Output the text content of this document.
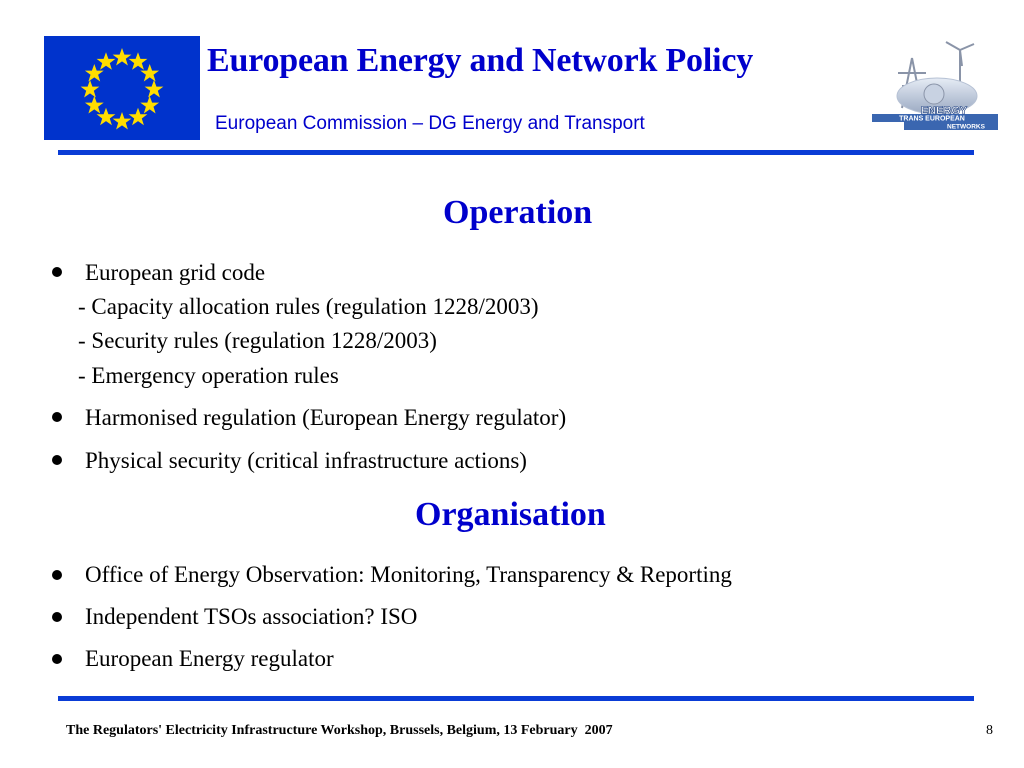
European Energy and Network Policy
European Commission – DG Energy and Transport	TRANS EUROPEAN
ENERGY
NETWORKS
Operation
European grid code
- Capacity allocation rules (regulation 1228/2003)
- Security rules (regulation 1228/2003)
- Emergency operation rules
Harmonised regulation (European Energy regulator)
Physical security (critical infrastructure actions)
Organisation
Office of Energy Observation: Monitoring, Transparency & Reporting
Independent TSOs association? ISO
European Energy regulator
The Regulators' Electricity Infrastructure Workshop, Brussels, Belgium, 13 February  2007	8
